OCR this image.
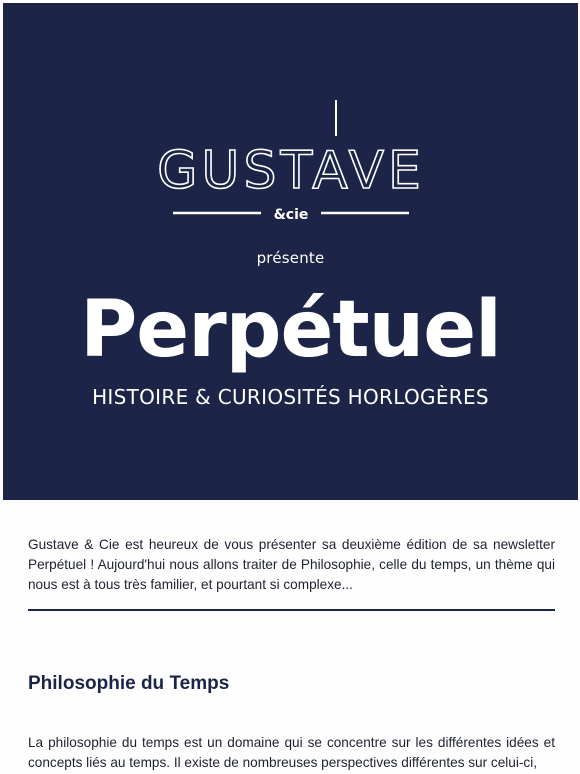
GUSTAVE
&cie
présente
Perpétuel
HISTOIRE & CURIOSITÉS HORLOGÈRES

Gustave & Cie est heureux de vous présenter sa deuxième édition de sa newsletter Perpétuel ! Aujourd'hui nous allons traiter de Philosophie, celle du temps, un thème qui nous est à tous très familier, et pourtant si complexe...

Philosophie du Temps

La philosophie du temps est un domaine qui se concentre sur les différentes idées et concepts liés au temps. Il existe de nombreuses perspectives différentes sur celui-ci,
